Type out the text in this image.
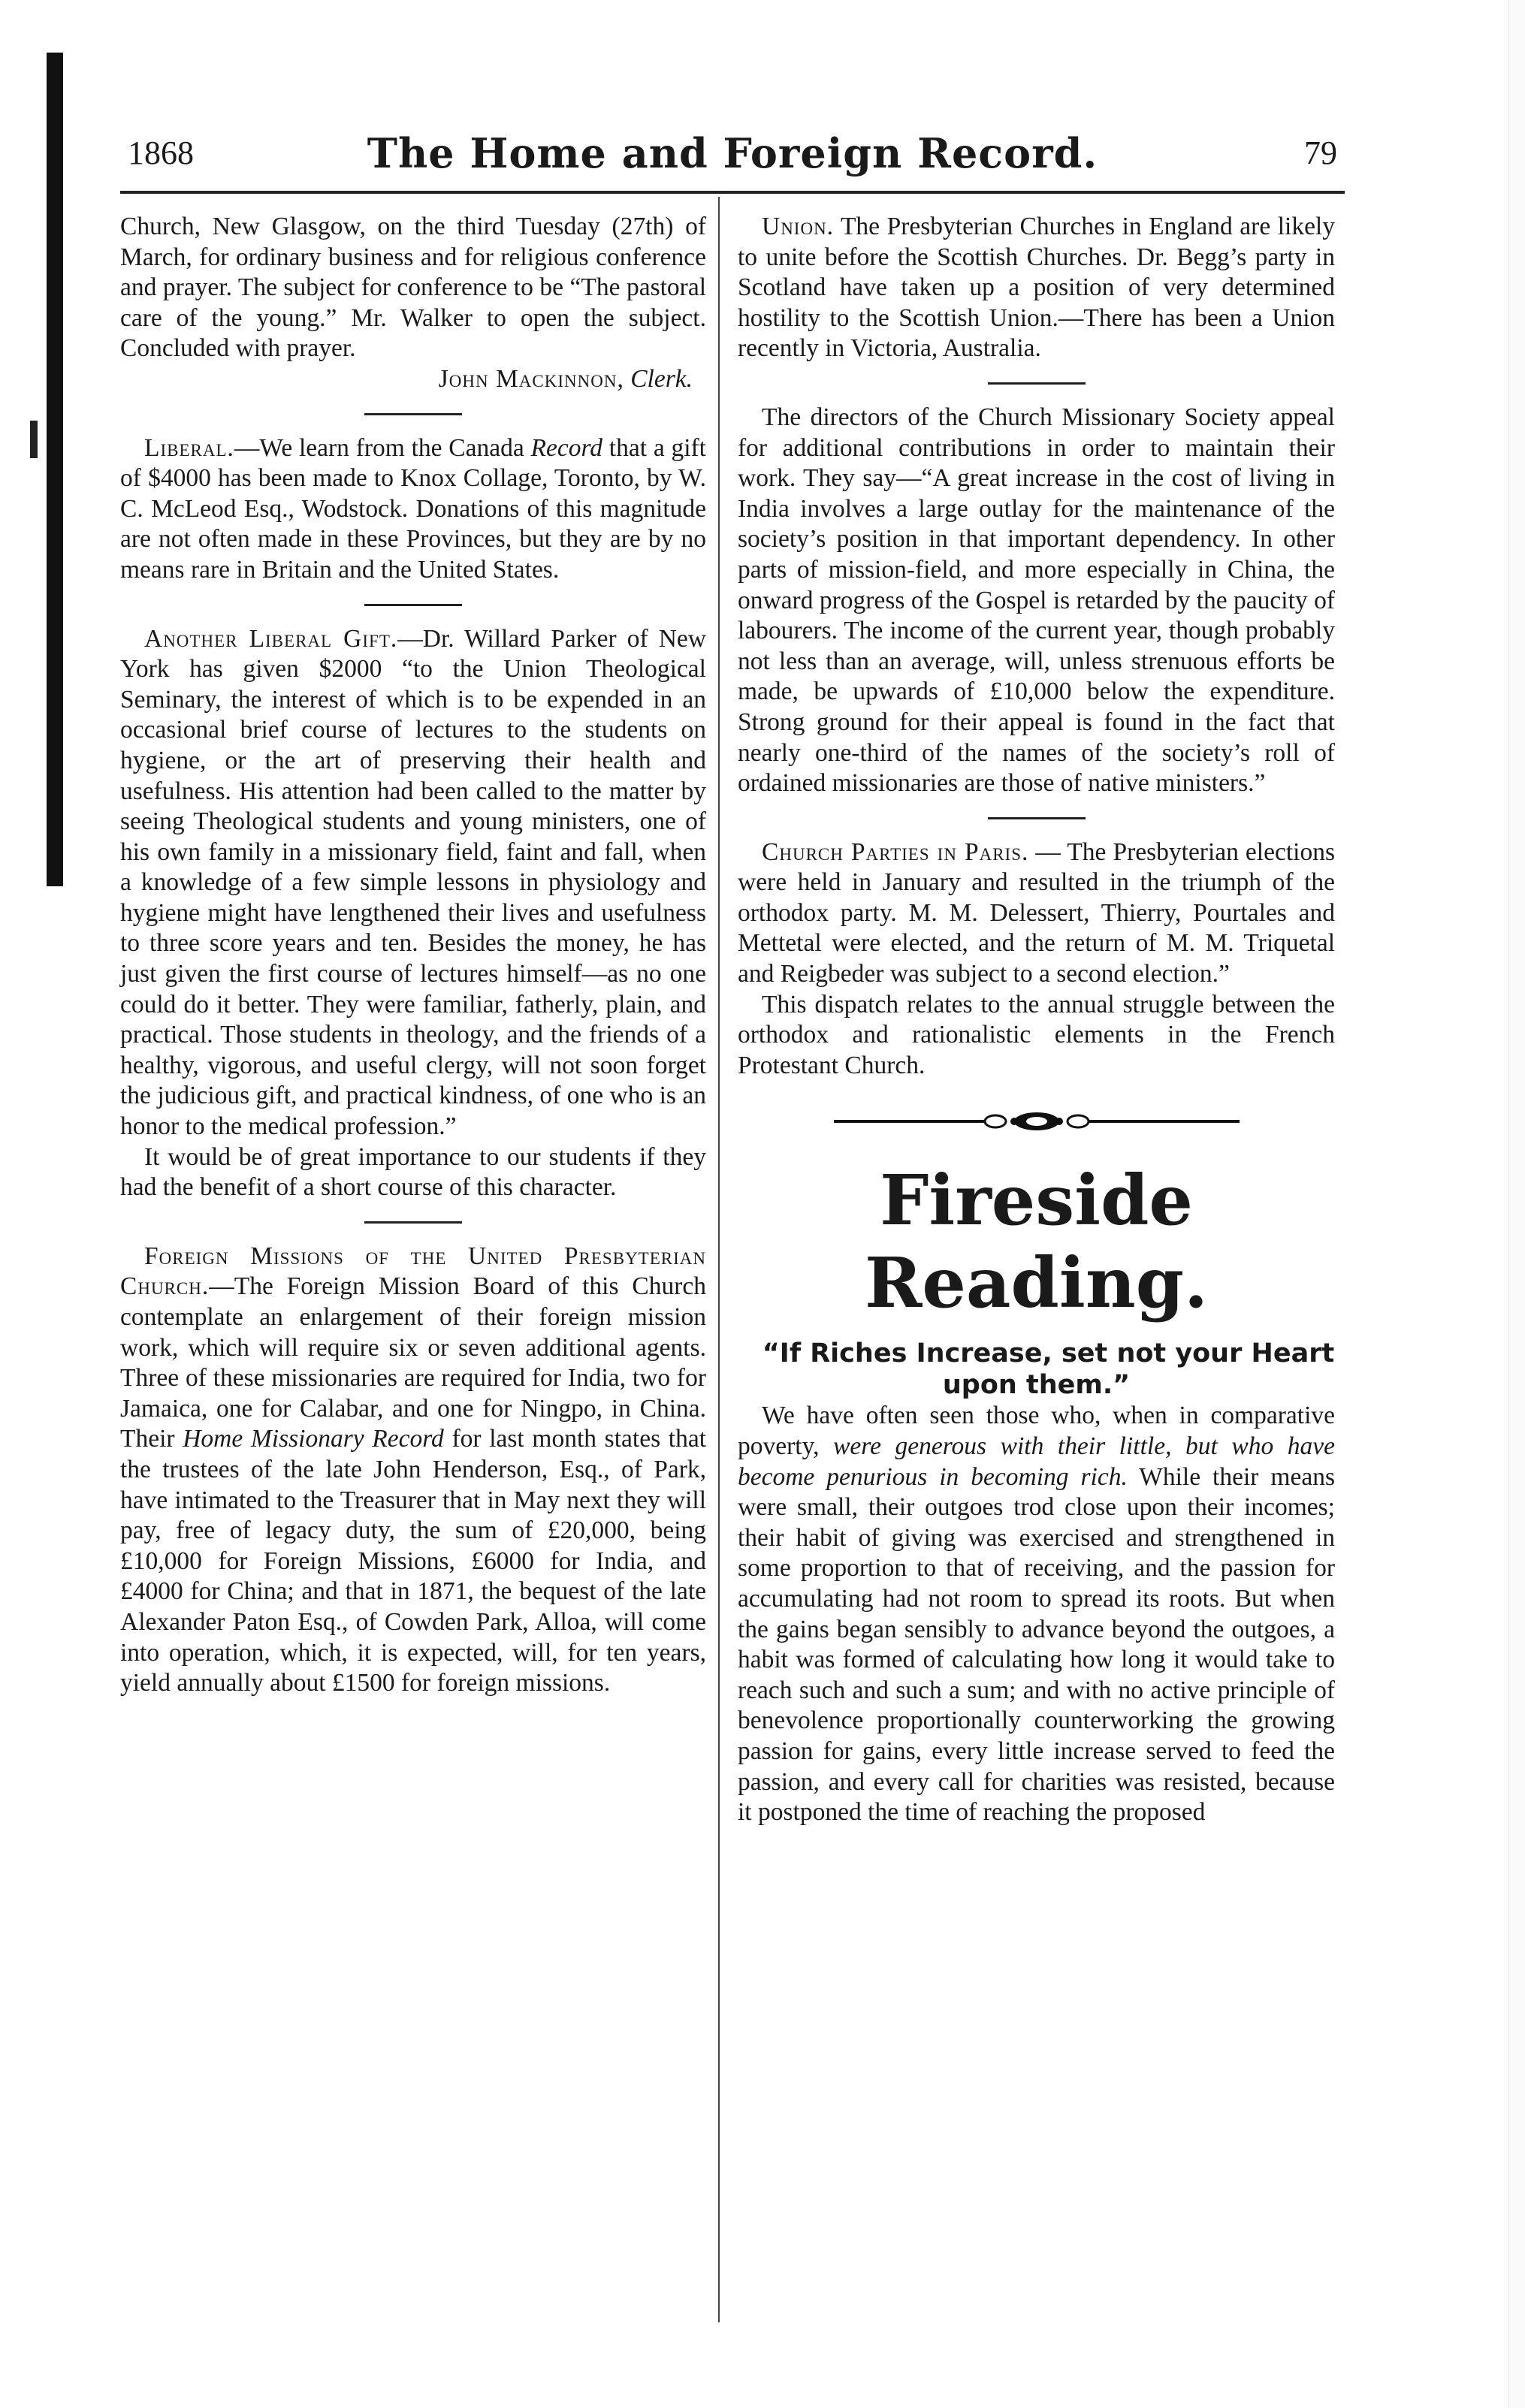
1868	The Home and Foreign Record.	79

Church, New Glasgow, on the third Tuesday (27th) of March, for ordinary business and for religious conference and prayer. The subject for conference to be “The pastoral care of the young.” Mr. Walker to open the subject. Concluded with prayer.

John Mackinnon, Clerk.

Liberal.—We learn from the Canada Record that a gift of $4000 has been made to Knox Collage, Toronto, by W. C. McLeod Esq., Wodstock. Donations of this magnitude are not often made in these Provinces, but they are by no means rare in Britain and the United States.

Another Liberal Gift.—Dr. Willard Parker of New York has given $2000 “to the Union Theological Seminary, the interest of which is to be expended in an occasional brief course of lectures to the students on hygiene, or the art of preserving their health and usefulness. His attention had been called to the matter by seeing Theological students and young ministers, one of his own family in a missionary field, faint and fall, when a knowledge of a few simple lessons in physiology and hygiene might have lengthened their lives and usefulness to three score years and ten. Besides the money, he has just given the first course of lectures himself—as no one could do it better. They were familiar, fatherly, plain, and practical. Those students in theology, and the friends of a healthy, vigorous, and useful clergy, will not soon forget the judicious gift, and practical kindness, of one who is an honor to the medical profession.”

It would be of great importance to our students if they had the benefit of a short course of this character.

Foreign Missions of the United Presbyterian Church.—The Foreign Mission Board of this Church contemplate an enlargement of their foreign mission work, which will require six or seven additional agents. Three of these missionaries are required for India, two for Jamaica, one for Calabar, and one for Ningpo, in China. Their Home Missionary Record for last month states that the trustees of the late John Henderson, Esq., of Park, have intimated to the Treasurer that in May next they will pay, free of legacy duty, the sum of £20,000, being £10,000 for Foreign Missions, £6000 for India, and £4000 for China; and that in 1871, the bequest of the late Alexander Paton Esq., of Cowden Park, Alloa, will come into operation, which, it is expected, will, for ten years, yield annually about £1500 for foreign missions.

Union. The Presbyterian Churches in England are likely to unite before the Scottish Churches. Dr. Begg’s party in Scotland have taken up a position of very determined hostility to the Scottish Union.—There has been a Union recently in Victoria, Australia.

The directors of the Church Missionary Society appeal for additional contributions in order to maintain their work. They say—“A great increase in the cost of living in India involves a large outlay for the maintenance of the society’s position in that important dependency. In other parts of mission-field, and more especially in China, the onward progress of the Gospel is retarded by the paucity of labourers. The income of the current year, though probably not less than an average, will, unless strenuous efforts be made, be upwards of £10,000 below the expenditure. Strong ground for their appeal is found in the fact that nearly one-third of the names of the society’s roll of ordained missionaries are those of native ministers.”

Church Parties in Paris. — The Presbyterian elections were held in January and resulted in the triumph of the orthodox party. M. M. Delessert, Thierry, Pourtales and Mettetal were elected, and the return of M. M. Triquetal and Reigbeder was subject to a second election.”

This dispatch relates to the annual struggle between the orthodox and rationalistic elements in the French Protestant Church.

Fireside Reading.

“If Riches Increase, set not your Heart upon them.”

We have often seen those who, when in comparative poverty, were generous with their little, but who have become penurious in becoming rich. While their means were small, their outgoes trod close upon their incomes; their habit of giving was exercised and strengthened in some proportion to that of receiving, and the passion for accumulating had not room to spread its roots. But when the gains began sensibly to advance beyond the outgoes, a habit was formed of calculating how long it would take to reach such and such a sum; and with no active principle of benevolence proportionally counterworking the growing passion for gains, every little increase served to feed the passion, and every call for charities was resisted, because it postponed the time of reaching the proposed
